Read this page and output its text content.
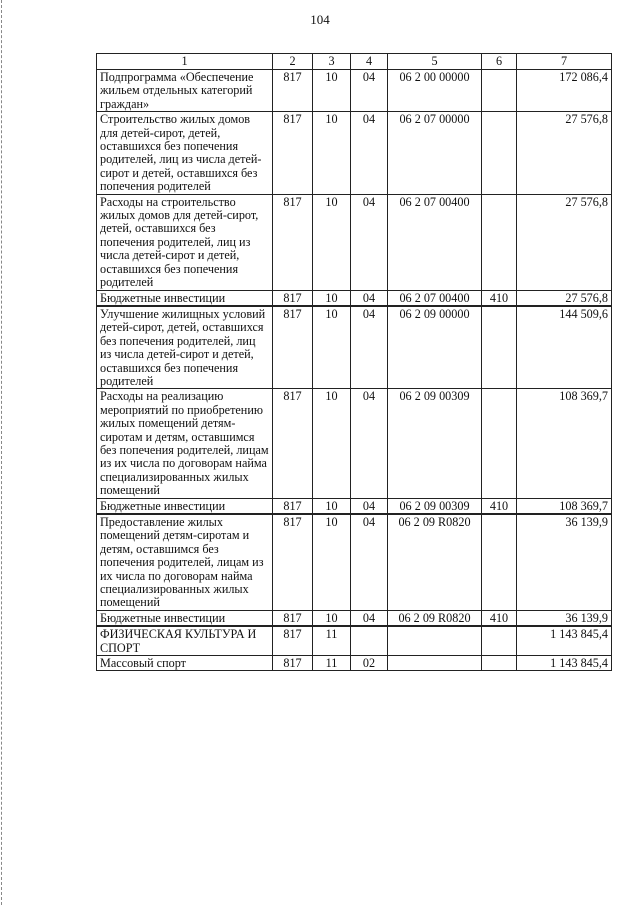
104
1	2	3	4	5	6	7
Подпрограмма «Обеспечение жильем отдельных категорий граждан»	817	10	04	06 2 00 00000		172 086,4
Строительство жилых домов для детей-сирот, детей, оставшихся без попечения родителей, лиц из числа детей-сирот и детей, оставшихся без попечения родителей	817	10	04	06 2 07 00000		27 576,8
Расходы на строительство жилых домов для детей-сирот, детей, оставшихся без попечения родителей, лиц из числа детей-сирот и детей, оставшихся без попечения родителей	817	10	04	06 2 07 00400		27 576,8
Бюджетные инвестиции	817	10	04	06 2 07 00400	410	27 576,8
Улучшение жилищных условий детей-сирот, детей, оставшихся без попечения родителей, лиц из числа детей-сирот и детей, оставшихся без попечения родителей	817	10	04	06 2 09 00000		144 509,6
Расходы на реализацию мероприятий по приобретению жилых помещений детям-сиротам и детям, оставшимся без попечения родителей, лицам из их числа по договорам найма специализированных жилых помещений	817	10	04	06 2 09 00309		108 369,7
Бюджетные инвестиции	817	10	04	06 2 09 00309	410	108 369,7
Предоставление жилых помещений детям-сиротам и детям, оставшимся без попечения родителей, лицам из их числа по договорам найма специализированных жилых помещений	817	10	04	06 2 09 R0820		36 139,9
Бюджетные инвестиции	817	10	04	06 2 09 R0820	410	36 139,9
ФИЗИЧЕСКАЯ КУЛЬТУРА И СПОРТ	817	11				1 143 845,4
Массовый спорт	817	11	02			1 143 845,4
